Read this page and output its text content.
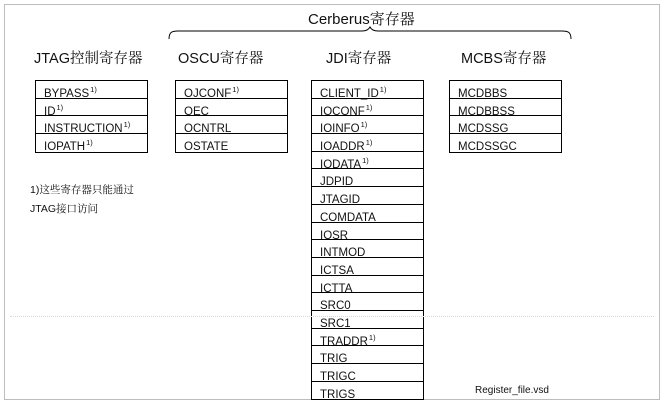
Cerberus寄存器
JTAG控制寄存器
BYPASS$^{1)}$
ID$^{1)}$
INSTRUCTION$^{1)}$
IOPATH$^{1)}$
OSCU寄存器
OJCONF$^{1)}$
OEC
OCNTRL
OSTATE
JDI寄存器
CLIENT_ID$^{1)}$
IOCONF$^{1)}$
IOINFO$^{1)}$
IOADDR$^{1)}$
IODATA$^{1)}$
JDPID
JTAGID
COMDATA
IOSR
INTMOD
ICTSA
ICTTA
SRC0
SRC1
TRADDR$^{1)}$
TRIG
TRIGC
TRIGS
MCBS寄存器
MCDBBS
MCDBBSS
MCDSSG
MCDSSGC
1)这些寄存器只能通过
JTAG接口访问
Register_file.vsd
